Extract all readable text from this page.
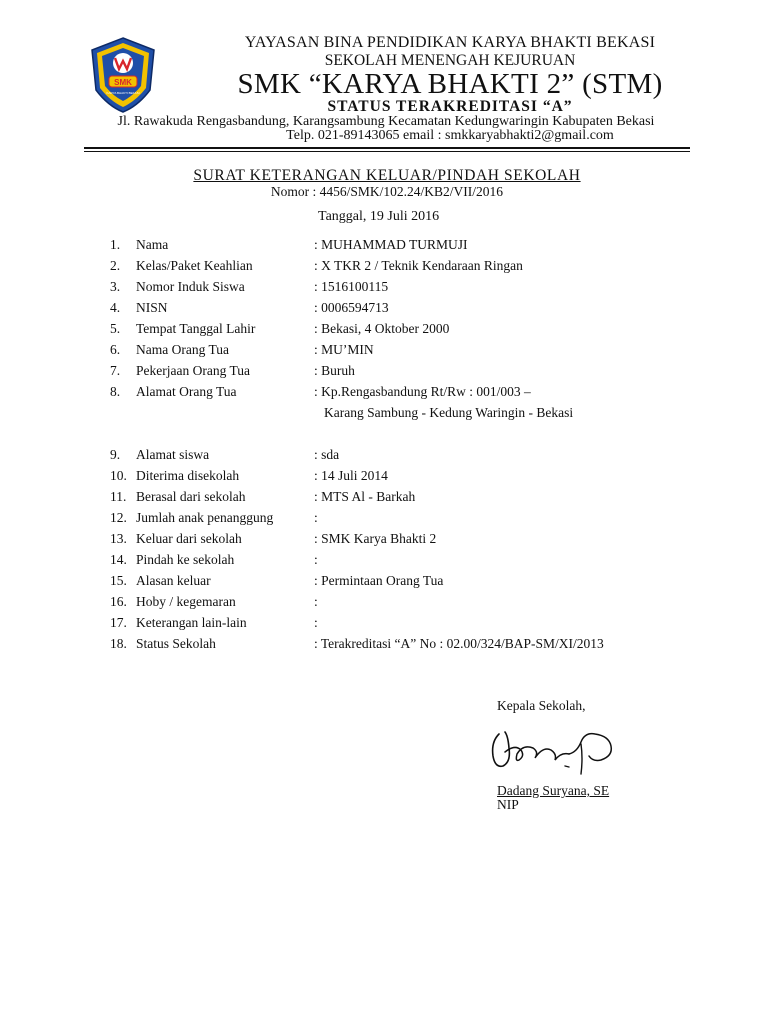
SMK
KARYA BHAKTI BEKASI
YAYASAN BINA PENDIDIKAN KARYA BHAKTI BEKASI
SEKOLAH MENENGAH KEJURUAN
SMK “KARYA BHAKTI 2” (STM)
STATUS TERAKREDITASI “A”
Jl. Rawakuda Rengasbandung, Karangsambung Kecamatan Kedungwaringin Kabupaten Bekasi
Telp. 021-89143065 email : smkkaryabhakti2@gmail.com
SURAT KETERANGAN KELUAR/PINDAH SEKOLAH
Nomor : 4456/SMK/102.24/KB2/VII/2016
Tanggal, 19 Juli 2016
1. Nama	: MUHAMMAD TURMUJI
2. Kelas/Paket Keahlian	: X TKR 2 / Teknik Kendaraan Ringan
3. Nomor Induk Siswa	: 1516100115
4. NISN	: 0006594713
5. Tempat Tanggal Lahir	: Bekasi, 4 Oktober 2000
6. Nama Orang Tua	: MU’MIN
7. Pekerjaan Orang Tua	: Buruh
8. Alamat Orang Tua	: Kp.Rengasbandung Rt/Rw : 001/003 –
Karang Sambung - Kedung Waringin - Bekasi
9. Alamat siswa	: sda
10. Diterima disekolah	: 14 Juli 2014
11. Berasal dari sekolah	: MTS Al - Barkah
12. Jumlah anak penanggung	:
13. Keluar dari sekolah	: SMK Karya Bhakti 2
14. Pindah ke sekolah	:
15. Alasan keluar	: Permintaan Orang Tua
16. Hoby / kegemaran	:
17. Keterangan lain-lain	:
18. Status Sekolah	: Terakreditasi “A” No : 02.00/324/BAP-SM/XI/2013
Kepala Sekolah,
Dadang Suryana, SE
NIP
